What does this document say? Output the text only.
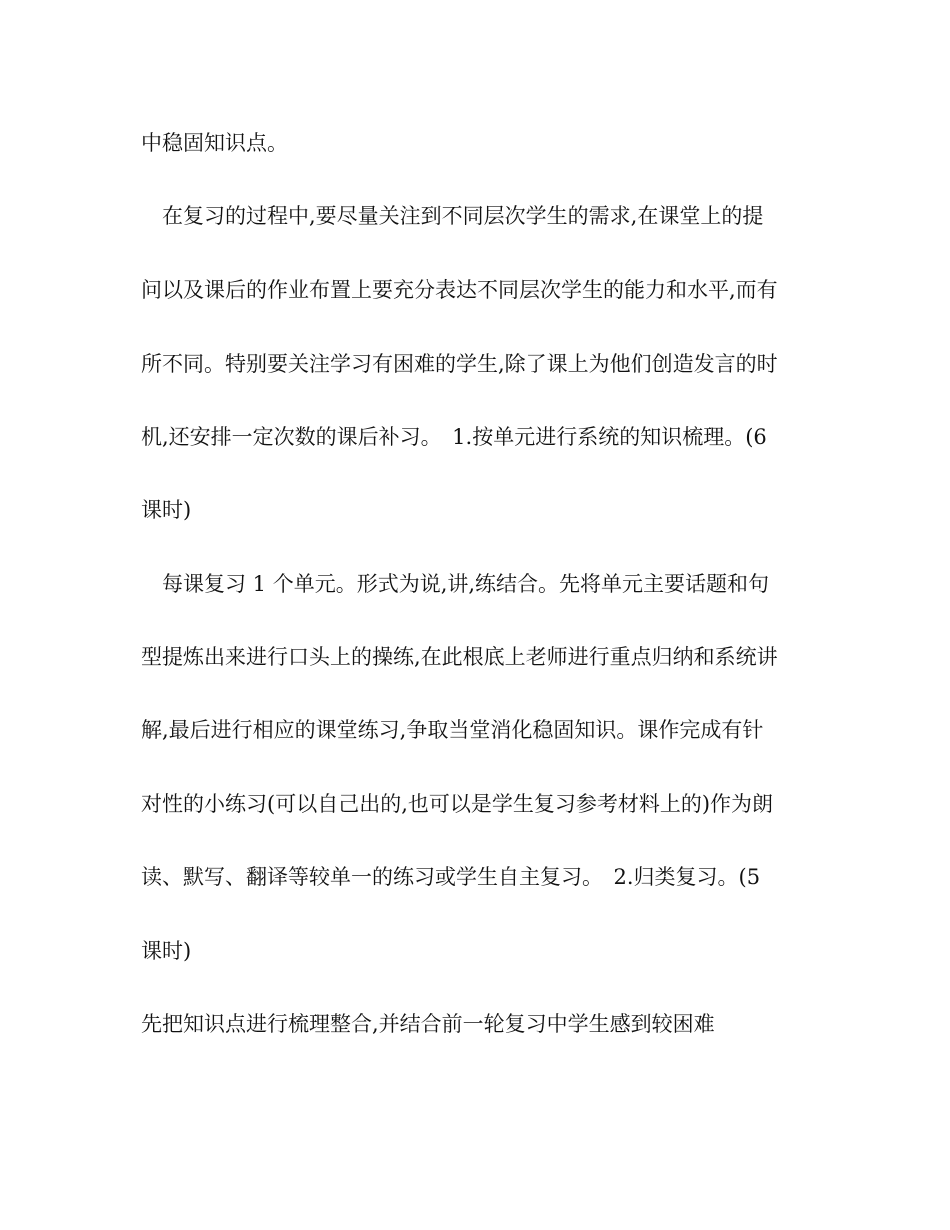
中稳固知识点。
　在复习的过程中,要尽量关注到不同层次学生的需求,在课堂上的提
问以及课后的作业布置上要充分表达不同层次学生的能力和水平,而有
所不同。特别要关注学习有困难的学生,除了课上为他们创造发言的时
机,还安排一定次数的课后补习。　1.按单元进行系统的知识梳理。(6
课时)
　每课复习 1 个单元。形式为说,讲,练结合。先将单元主要话题和句
型提炼出来进行口头上的操练,在此根底上老师进行重点归纳和系统讲
解,最后进行相应的课堂练习,争取当堂消化稳固知识。课作完成有针
对性的小练习(可以自己出的,也可以是学生复习参考材料上的)作为朗
读、默写、翻译等较单一的练习或学生自主复习。　2.归类复习。(5
课时)
先把知识点进行梳理整合,并结合前一轮复习中学生感到较困难
